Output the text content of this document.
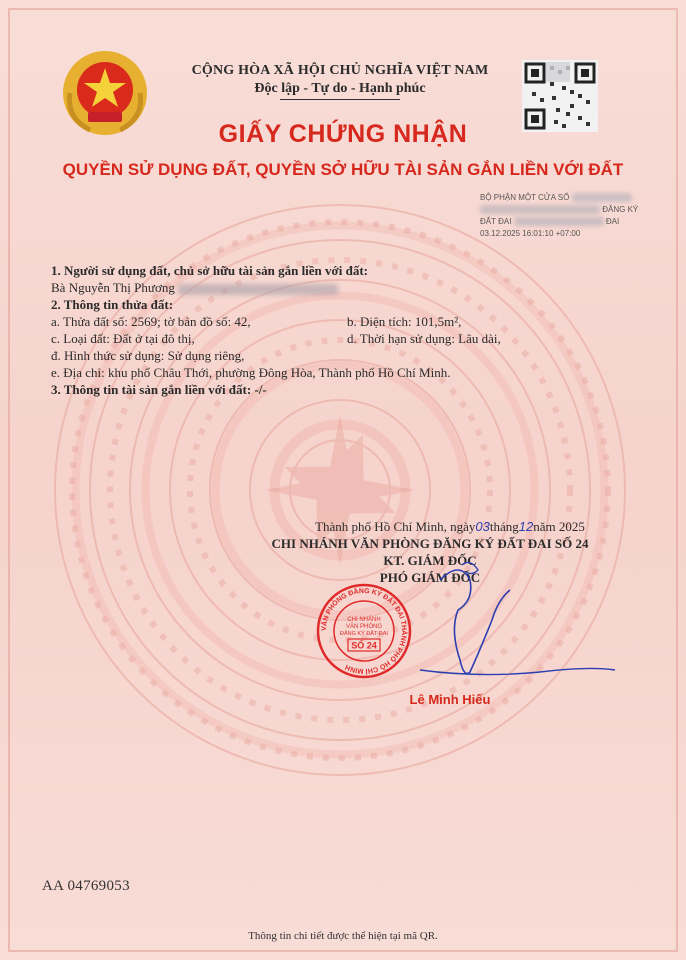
CỘNG HÒA XÃ HỘI CHỦ NGHĨA VIỆT NAM
Độc lập - Tự do - Hạnh phúc
GIẤY CHỨNG NHẬN
QUYỀN SỬ DỤNG ĐẤT, QUYỀN SỞ HỮU TÀI SẢN GẮN LIỀN VỚI ĐẤT
BỘ PHẬN MỘT CỬA SỐ
ĐĂNG KÝ
ĐẤT ĐAI	ĐAI
03.12.2025 16:01:10 +07:00
1. Người sử dụng đất, chủ sở hữu tài sản gắn liền với đất:
Bà Nguyễn Thị Phương
2. Thông tin thửa đất:
a. Thửa đất số: 2569; tờ bản đồ số: 42,	b. Diện tích: 101,5m²,
c. Loại đất: Đất ở tại đô thị,	d. Thời hạn sử dụng: Lâu dài,
đ. Hình thức sử dụng: Sử dụng riêng,
e. Địa chỉ: khu phố Châu Thới, phường Đông Hòa, Thành phố Hồ Chí Minh.
3. Thông tin tài sản gắn liền với đất: -/-
Thành phố Hồ Chí Minh, ngày03tháng12năm 2025
CHI NHÁNH VĂN PHÒNG ĐĂNG KÝ ĐẤT ĐAI SỐ 24
KT. GIÁM ĐỐC
PHÓ GIÁM ĐỐC
VĂN PHÒNG ĐĂNG KÝ ĐẤT ĐAI THÀNH PHỐ HỒ CHÍ MINH
CHI NHÁNH
VĂN PHÒNG
ĐĂNG KÝ ĐẤT ĐAI
SỐ 24
Lê Minh Hiếu
AA 04769053
Thông tin chi tiết được thể hiện tại mã QR.
